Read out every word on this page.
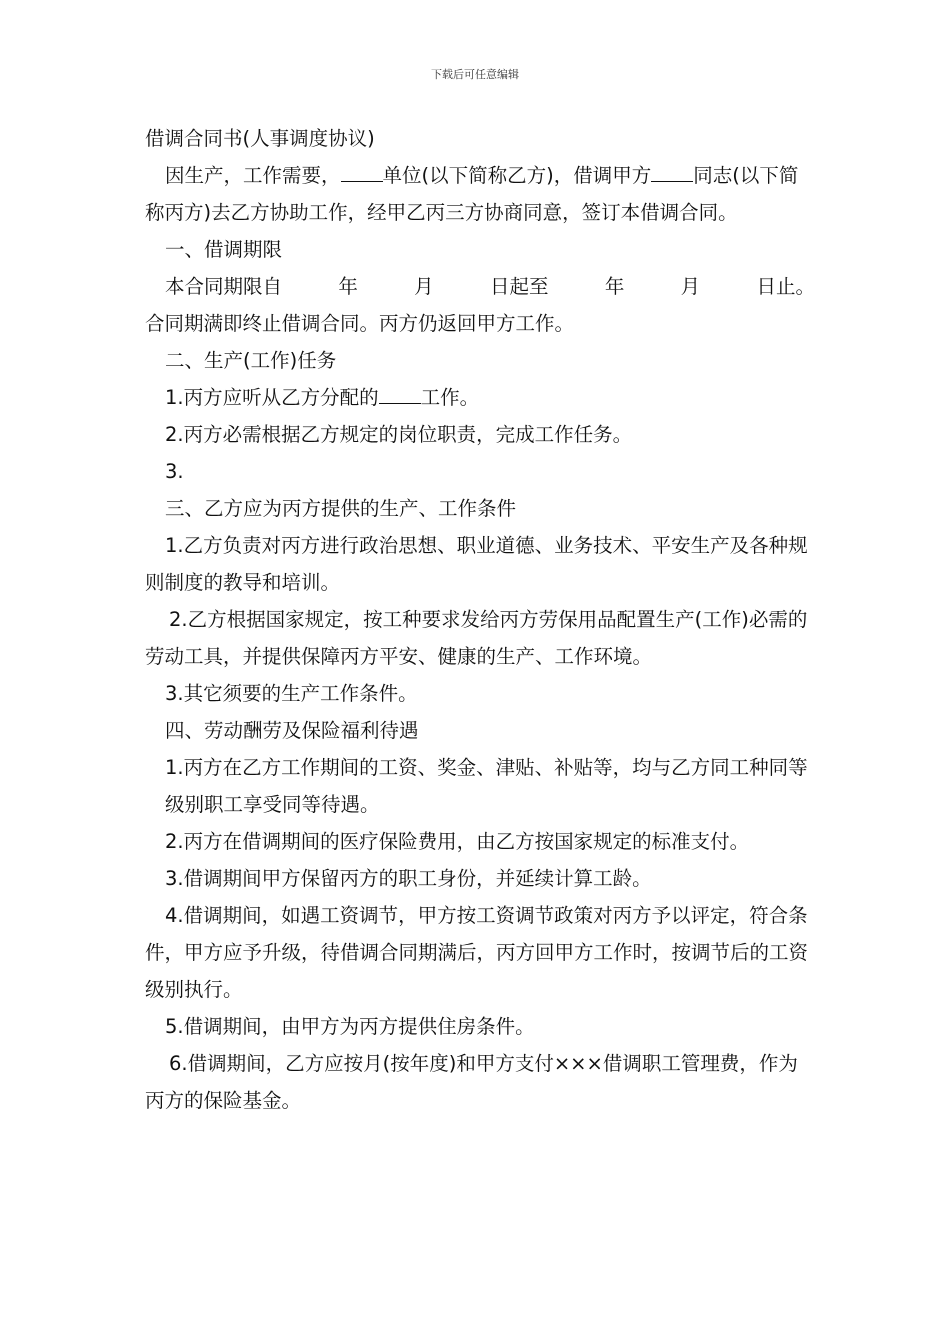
下载后可任意编辑

借调合同书(人事调度协议)

因生产，工作需要， 单位(以下简称乙方)，借调甲方 同志(以下简称丙方)去乙方协助工作，经甲乙丙三方协商同意，签订本借调合同。

一、借调期限

本合同期限自	年	月	日起至	年	月	日止。

合同期满即终止借调合同。丙方仍返回甲方工作。

二、生产(工作)任务

1.丙方应听从乙方分配的 工作。

2.丙方必需根据乙方规定的岗位职责，完成工作任务。

3.

三、乙方应为丙方提供的生产、工作条件

1.乙方负责对丙方进行政治思想、职业道德、业务技术、平安生产及各种规则制度的教导和培训。

2.乙方根据国家规定，按工种要求发给丙方劳保用品配置生产(工作)必需的劳动工具，并提供保障丙方平安、健康的生产、工作环境。

3.其它须要的生产工作条件。

四、劳动酬劳及保险福利待遇

1.丙方在乙方工作期间的工资、奖金、津贴、补贴等，均与乙方同工种同等

级别职工享受同等待遇。

2.丙方在借调期间的医疗保险费用，由乙方按国家规定的标准支付。

3.借调期间甲方保留丙方的职工身份，并延续计算工龄。

4.借调期间，如遇工资调节，甲方按工资调节政策对丙方予以评定，符合条件，甲方应予升级，待借调合同期满后，丙方回甲方工作时，按调节后的工资级别执行。

5.借调期间，由甲方为丙方提供住房条件。

6.借调期间，乙方应按月(按年度)和甲方支付×××借调职工管理费，作为丙方的保险基金。
